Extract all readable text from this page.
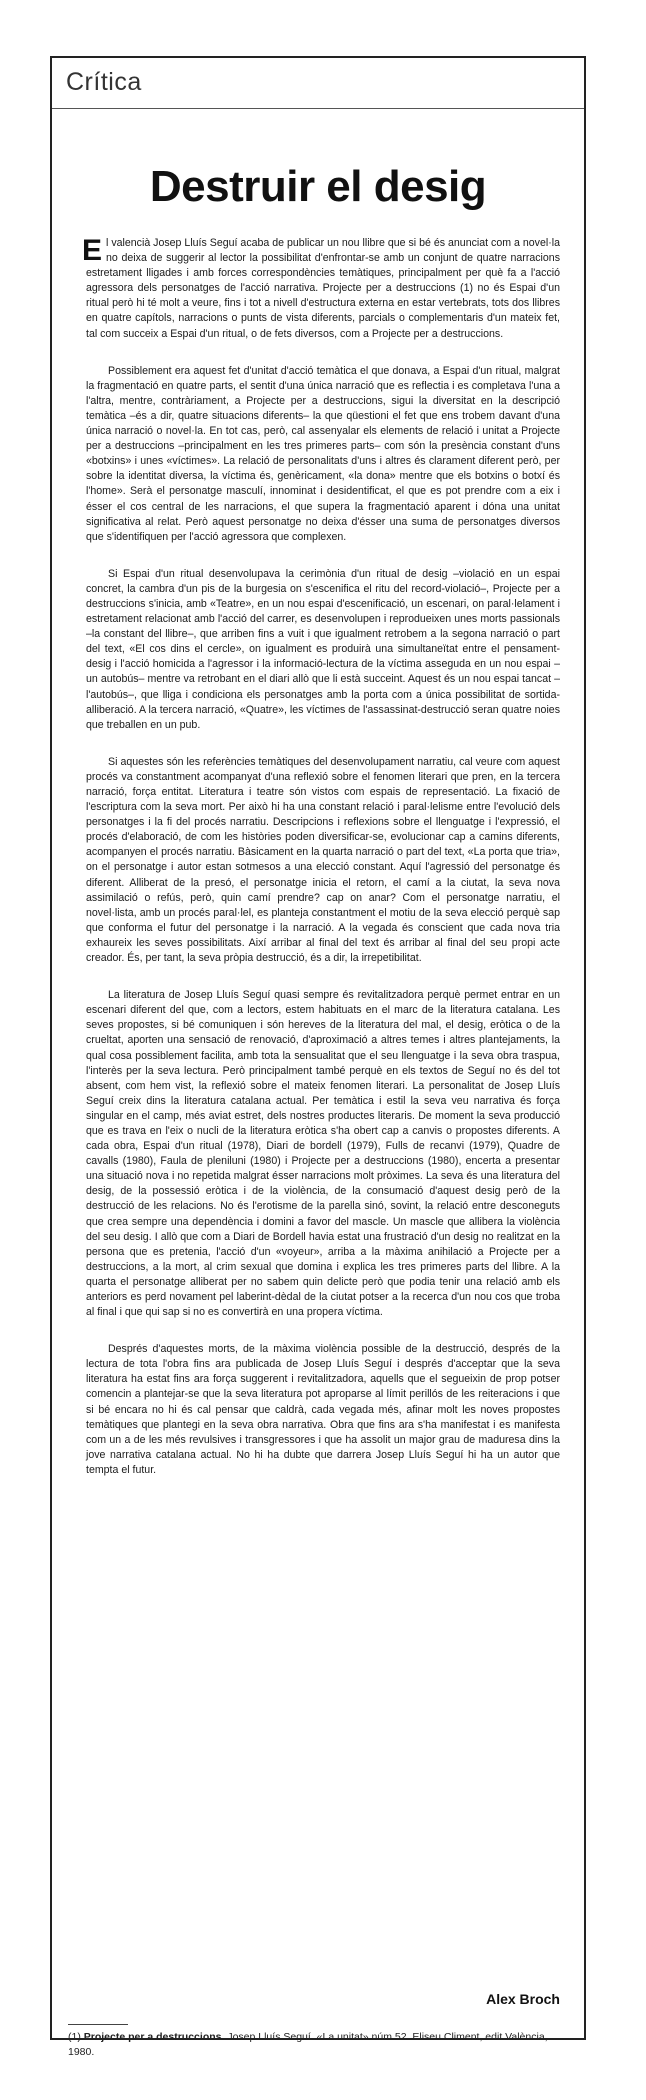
Crítica
Destruir el desig

El valencià Josep Lluís Seguí acaba de publicar un nou llibre que si bé és anunciat com a novel·la no deixa de suggerir al lector la possibilitat d'enfrontar-se amb un conjunt de quatre narracions estretament lligades i amb forces correspondències temàtiques, principalment per què fa a l'acció agressora dels personatges de l'acció narrativa. Projecte per a destruccions (1) no és Espai d'un ritual però hi té molt a veure, fins i tot a nivell d'estructura externa en estar vertebrats, tots dos llibres en quatre capítols, narracions o punts de vista diferents, parcials o complementaris d'un mateix fet, tal com succeix a Espai d'un ritual, o de fets diversos, com a Projecte per a destruccions.

Possiblement era aquest fet d'unitat d'acció temàtica el que donava, a Espai d'un ritual, malgrat la fragmentació en quatre parts, el sentit d'una única narració que es reflectia i es completava l'una a l'altra, mentre, contràriament, a Projecte per a destruccions, sigui la diversitat en la descripció temàtica –és a dir, quatre situacions diferents– la que qüestioni el fet que ens trobem davant d'una única narració o novel·la. En tot cas, però, cal assenyalar els elements de relació i unitat a Projecte per a destruccions –principalment en les tres primeres parts– com són la presència constant d'uns «botxins» i unes «víctimes». La relació de personalitats d'uns i altres és clarament diferent però, per sobre la identitat diversa, la víctima és, genèricament, «la dona» mentre que els botxins o botxí és l'home». Serà el personatge masculí, innominat i desidentificat, el que es pot prendre com a eix i ésser el cos central de les narracions, el que supera la fragmentació aparent i dóna una unitat significativa al relat. Però aquest personatge no deixa d'ésser una suma de personatges diversos que s'identifiquen per l'acció agressora que complexen.

Si Espai d'un ritual desenvolupava la cerimònia d'un ritual de desig –violació en un espai concret, la cambra d'un pis de la burgesia on s'escenifica el ritu del record-violació–, Projecte per a destruccions s'inicia, amb «Teatre», en un nou espai d'escenificació, un escenari, on paral·lelament i estretament relacionat amb l'acció del carrer, es desenvolupen i reprodueixen unes morts passionals –la constant del llibre–, que arriben fins a vuit i que igualment retrobem a la segona narració o part del text, «El cos dins el cercle», on igualment es produirà una simultaneïtat entre el pensament-desig i l'acció homicida a l'agressor i la informació-lectura de la víctima asseguda en un nou espai –un autobús– mentre va retrobant en el diari allò que li està succeint. Aquest és un nou espai tancat –l'autobús–, que lliga i condiciona els personatges amb la porta com a única possibilitat de sortida-alliberació. A la tercera narració, «Quatre», les víctimes de l'assassinat-destrucció seran quatre noies que treballen en un pub.

Si aquestes són les referències temàtiques del desenvolupament narratiu, cal veure com aquest procés va constantment acompanyat d'una reflexió sobre el fenomen literari que pren, en la tercera narració, força entitat. Literatura i teatre són vistos com espais de representació. La fixació de l'escriptura com la seva mort. Per això hi ha una constant relació i paral·lelisme entre l'evolució dels personatges i la fi del procés narratiu. Descripcions i reflexions sobre el llenguatge i l'expressió, el procés d'elaboració, de com les històries poden diversificar-se, evolucionar cap a camins diferents, acompanyen el procés narratiu. Bàsicament en la quarta narració o part del text, «La porta que tria», on el personatge i autor estan sotmesos a una elecció constant. Aquí l'agressió del personatge és diferent. Alliberat de la presó, el personatge inicia el retorn, el camí a la ciutat, la seva nova assimilació o refús, però, quin camí prendre? cap on anar? Com el personatge narratiu, el novel·lista, amb un procés paral·lel, es planteja constantment el motiu de la seva elecció perquè sap que conforma el futur del personatge i la narració. A la vegada és conscient que cada nova tria exhaureix les seves possibilitats. Així arribar al final del text és arribar al final del seu propi acte creador. És, per tant, la seva pròpia destrucció, és a dir, la irrepetibilitat.

La literatura de Josep Lluís Seguí quasi sempre és revitalitzadora perquè permet entrar en un escenari diferent del que, com a lectors, estem habituats en el marc de la literatura catalana. Les seves propostes, si bé comuniquen i són hereves de la literatura del mal, el desig, eròtica o de la crueltat, aporten una sensació de renovació, d'aproximació a altres temes i altres plantejaments, la qual cosa possiblement facilita, amb tota la sensualitat que el seu llenguatge i la seva obra traspua, l'interès per la seva lectura. Però principalment també perquè en els textos de Seguí no és del tot absent, com hem vist, la reflexió sobre el mateix fenomen literari. La personalitat de Josep Lluís Seguí creix dins la literatura catalana actual. Per temàtica i estil la seva veu narrativa és força singular en el camp, més aviat estret, dels nostres productes literaris. De moment la seva producció que es trava en l'eix o nucli de la literatura eròtica s'ha obert cap a canvis o propostes diferents. A cada obra, Espai d'un ritual (1978), Diari de bordell (1979), Fulls de recanvi (1979), Quadre de cavalls (1980), Faula de pleniluni (1980) i Projecte per a destruccions (1980), encerta a presentar una situació nova i no repetida malgrat ésser narracions molt pròximes. La seva és una literatura del desig, de la possessió eròtica i de la violència, de la consumació d'aquest desig però de la destrucció de les relacions. No és l'erotisme de la parella sinó, sovint, la relació entre desconeguts que crea sempre una dependència i domini a favor del mascle. Un mascle que allibera la violència del seu desig. I allò que com a Diari de Bordell havia estat una frustració d'un desig no realitzat en la persona que es pretenia, l'acció d'un «voyeur», arriba a la màxima anihilació a Projecte per a destruccions, a la mort, al crim sexual que domina i explica les tres primeres parts del llibre. A la quarta el personatge alliberat per no sabem quin delicte però que podia tenir una relació amb els anteriors es perd novament pel laberint-dèdal de la ciutat potser a la recerca d'un nou cos que troba al final i que qui sap si no es convertirà en una propera víctima.

Després d'aquestes morts, de la màxima violència possible de la destrucció, després de la lectura de tota l'obra fins ara publicada de Josep Lluís Seguí i després d'acceptar que la seva literatura ha estat fins ara força suggerent i revitalitzadora, aquells que el segueixin de prop potser comencin a plantejar-se que la seva literatura pot aproparse al límit perillós de les reiteracions i que si bé encara no hi és cal pensar que caldrà, cada vegada més, afinar molt les noves propostes temàtiques que plantegi en la seva obra narrativa. Obra que fins ara s'ha manifestat i es manifesta com un a de les més revulsives i transgressores i que ha assolit un major grau de maduresa dins la jove narrativa catalana actual. No hi ha dubte que darrera Josep Lluís Seguí hi ha un autor que tempta el futur.

Alex Broch
(1) Projecte per a destruccions. Josep Lluís Seguí. «La unitat» núm 52. Eliseu Climent, edit València, 1980.
